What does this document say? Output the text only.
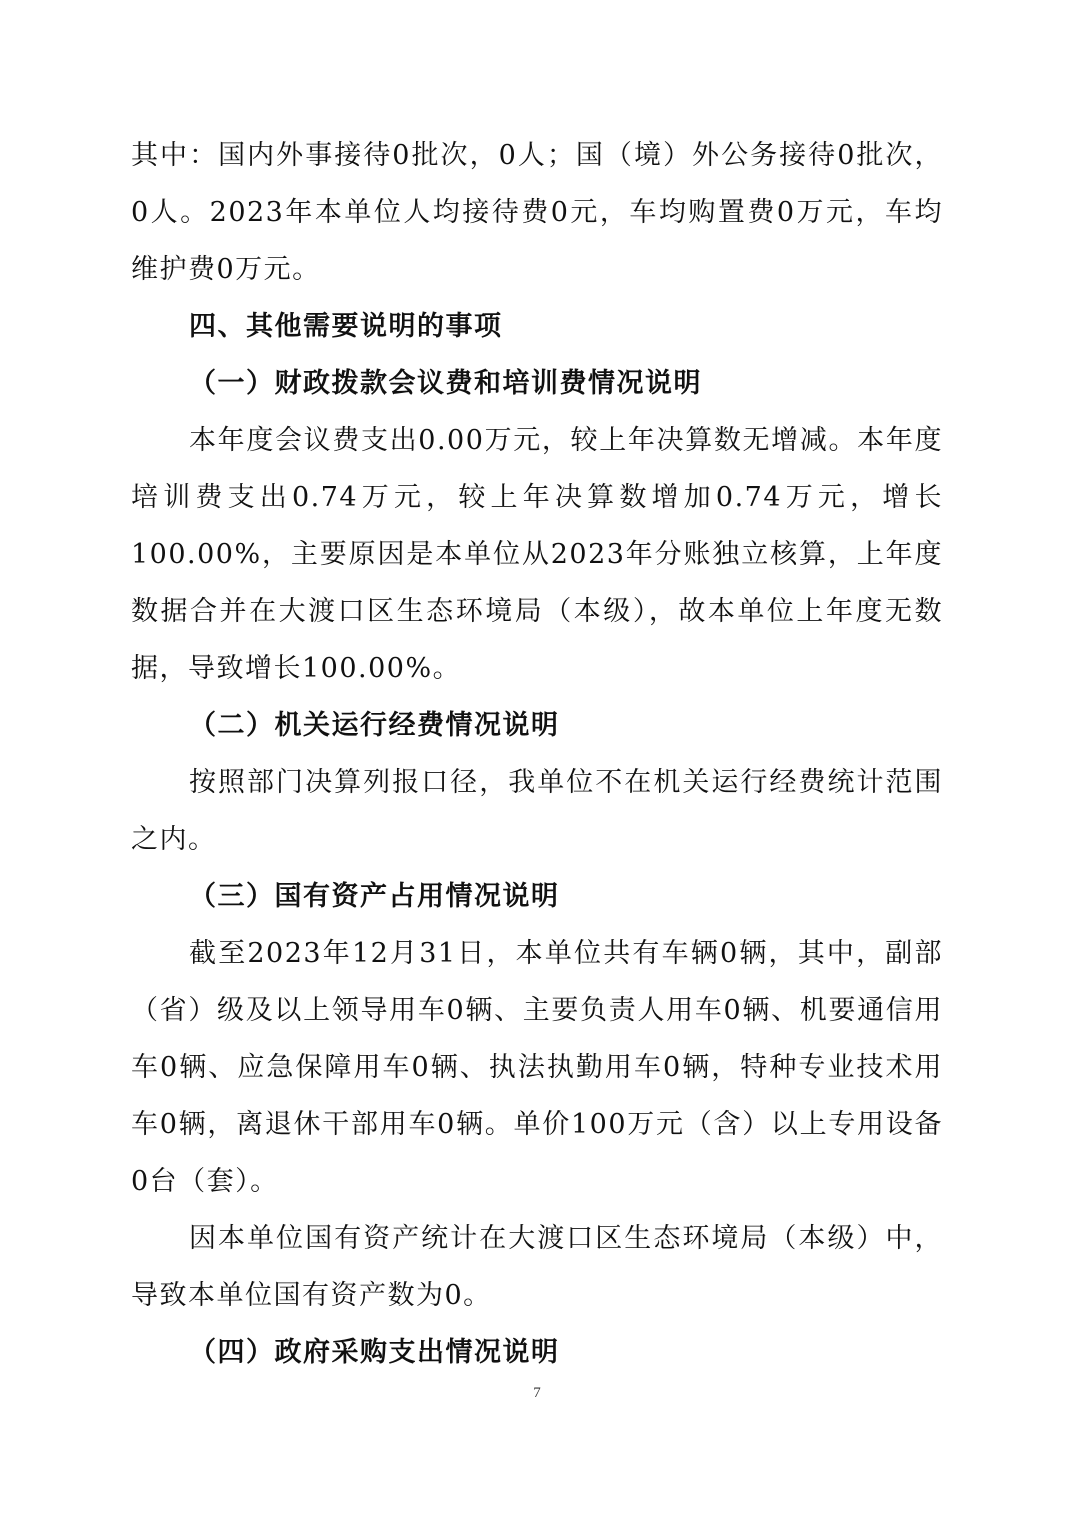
其中：国内外事接待0批次，0人；国（境）外公务接待0批次，0人。2023年本单位人均接待费0元，车均购置费0万元，车均维护费0万元。

四、其他需要说明的事项

（一）财政拨款会议费和培训费情况说明

本年度会议费支出0.00万元，较上年决算数无增减。本年度培训费支出0.74万元，较上年决算数增加0.74万元，增长100.00%，主要原因是本单位从2023年分账独立核算，上年度数据合并在大渡口区生态环境局（本级），故本单位上年度无数据，导致增长100.00%。

（二）机关运行经费情况说明

按照部门决算列报口径，我单位不在机关运行经费统计范围之内。

（三）国有资产占用情况说明

截至2023年12月31日，本单位共有车辆0辆，其中，副部（省）级及以上领导用车0辆、主要负责人用车0辆、机要通信用车0辆、应急保障用车0辆、执法执勤用车0辆，特种专业技术用车0辆，离退休干部用车0辆。单价100万元（含）以上专用设备0台（套）。

因本单位国有资产统计在大渡口区生态环境局（本级）中，导致本单位国有资产数为0。

（四）政府采购支出情况说明

7
